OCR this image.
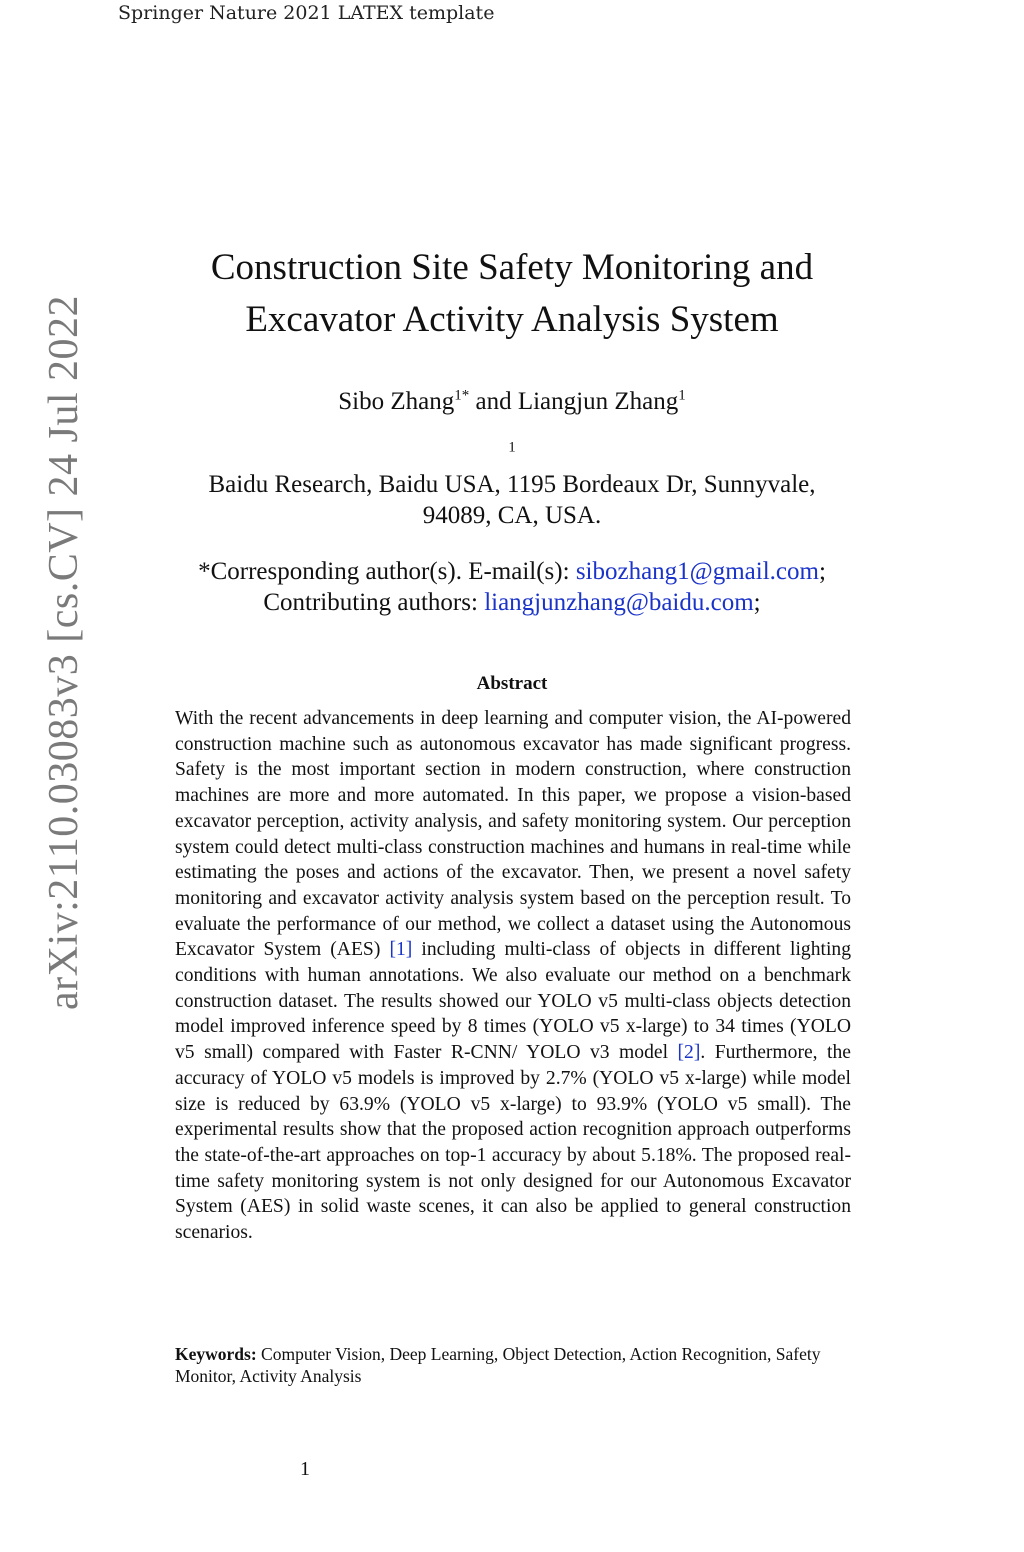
Springer Nature 2021 LATEX template
arXiv:2110.03083v3 [cs.CV] 24 Jul 2022
Construction Site Safety Monitoring and
Excavator Activity Analysis System
Sibo Zhang$^{1*}$ and Liangjun Zhang$^1$
$^1$
Baidu Research, Baidu USA, 1195 Bordeaux Dr, Sunnyvale,
94089, CA, USA.
*Corresponding author(s). E-mail(s): sibozhang1@gmail.com;
Contributing authors: liangjunzhang@baidu.com;
Abstract
With the recent advancements in deep learning and computer vision, the AI-powered construction machine such as autonomous excavator has made significant progress. Safety is the most important section in modern construction, where construction machines are more and more automated. In this paper, we propose a vision-based excavator perception, activity analysis, and safety monitoring system. Our perception system could detect multi-class construction machines and humans in real-time while estimating the poses and actions of the excavator. Then, we present a novel safety monitoring and excavator activity analysis system based on the perception result. To evaluate the performance of our method, we collect a dataset using the Autonomous Excavator System (AES) [1] including multi-class of objects in different lighting conditions with human annotations. We also evaluate our method on a benchmark construction dataset. The results showed our YOLO v5 multi-class objects detection model improved inference speed by 8 times (YOLO v5 x-large) to 34 times (YOLO v5 small) compared with Faster R-CNN/ YOLO v3 model [2]. Furthermore, the accuracy of YOLO v5 models is improved by 2.7% (YOLO v5 x-large) while model size is reduced by 63.9% (YOLO v5 x-large) to 93.9% (YOLO v5 small). The experimental results show that the proposed action recognition approach outperforms the state-of-the-art approaches on top-1 accuracy by about 5.18%. The proposed real-time safety monitoring system is not only designed for our Autonomous Excavator System (AES) in solid waste scenes, it can also be applied to general construction scenarios.
Keywords: Computer Vision, Deep Learning, Object Detection, Action Recognition, Safety Monitor, Activity Analysis
1
